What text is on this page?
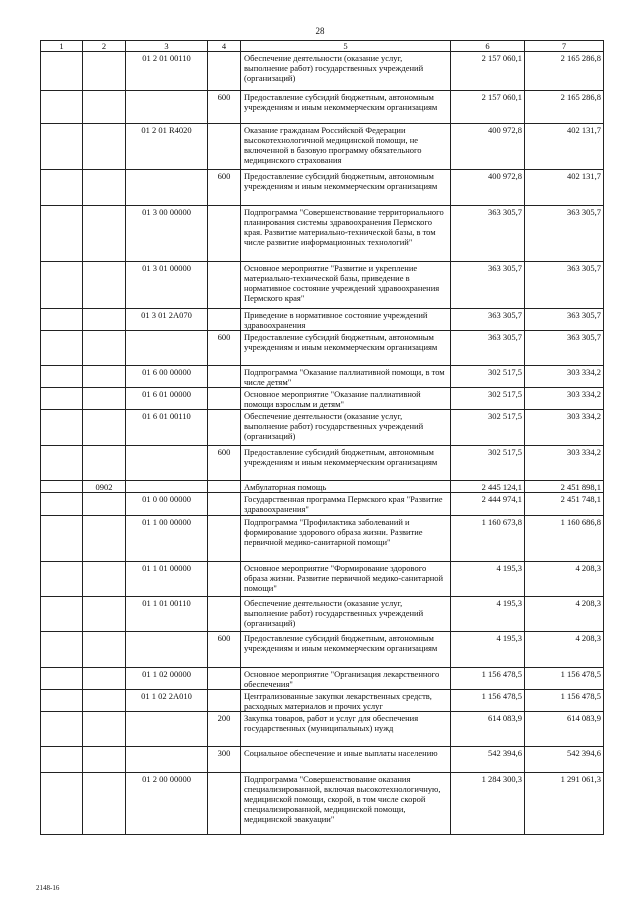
28
1	2	3	4	5	6	7
		01 2 01 00110		Обеспечение деятельности (оказание услуг, выполнение работ) государственных учреждений (организаций)	2 157 060,1	2 165 286,8
			600	Предоставление субсидий бюджетным, автономным учреждениям и иным некоммерческим организациям	2 157 060,1	2 165 286,8
		01 2 01 R4020		Оказание гражданам Российской Федерации высокотехнологичной медицинской помощи, не включенной в базовую программу обязательного медицинского страхования	400 972,8	402 131,7
			600	Предоставление субсидий бюджетным, автономным учреждениям и иным некоммерческим организациям	400 972,8	402 131,7
		01 3 00 00000		Подпрограмма "Совершенствование территориального планирования системы здравоохранения Пермского края. Развитие материально-технической базы, в том числе развитие информационных технологий"	363 305,7	363 305,7
		01 3 01 00000		Основное мероприятие "Развитие и укрепление материально-технической базы, приведение в нормативное состояние учреждений здравоохранения Пермского края"	363 305,7	363 305,7
		01 3 01 2А070		Приведение в нормативное состояние учреждений здравоохранения	363 305,7	363 305,7
			600	Предоставление субсидий бюджетным, автономным учреждениям и иным некоммерческим организациям	363 305,7	363 305,7
		01 6 00 00000		Подпрограмма "Оказание паллиативной помощи, в том числе детям"	302 517,5	303 334,2
		01 6 01 00000		Основное мероприятие "Оказание паллиативной помощи взрослым и детям"	302 517,5	303 334,2
		01 6 01 00110		Обеспечение деятельности (оказание услуг, выполнение работ) государственных учреждений (организаций)	302 517,5	303 334,2
			600	Предоставление субсидий бюджетным, автономным учреждениям и иным некоммерческим организациям	302 517,5	303 334,2
	0902			Амбулаторная помощь	2 445 124,1	2 451 898,1
		01 0 00 00000		Государственная программа Пермского края "Развитие здравоохранения"	2 444 974,1	2 451 748,1
		01 1 00 00000		Подпрограмма "Профилактика заболеваний и формирование здорового образа жизни. Развитие первичной медико-санитарной помощи"	1 160 673,8	1 160 686,8
		01 1 01 00000		Основное мероприятие "Формирование здорового образа жизни. Развитие первичной медико-санитарной помощи"	4 195,3	4 208,3
		01 1 01 00110		Обеспечение деятельности (оказание услуг, выполнение работ) государственных учреждений (организаций)	4 195,3	4 208,3
			600	Предоставление субсидий бюджетным, автономным учреждениям и иным некоммерческим организациям	4 195,3	4 208,3
		01 1 02 00000		Основное мероприятие "Организация лекарственного обеспечения"	1 156 478,5	1 156 478,5
		01 1 02 2А010		Централизованные закупки лекарственных средств, расходных материалов и прочих услуг	1 156 478,5	1 156 478,5
			200	Закупка товаров, работ и услуг для обеспечения государственных (муниципальных) нужд	614 083,9	614 083,9
			300	Социальное обеспечение и иные выплаты населению	542 394,6	542 394,6
		01 2 00 00000		Подпрограмма "Совершенствование оказания специализированной, включая высокотехнологичную, медицинской помощи, скорой, в том числе скорой специализированной, медицинской помощи, медицинской эвакуации"	1 284 300,3	1 291 061,3
2148-16
